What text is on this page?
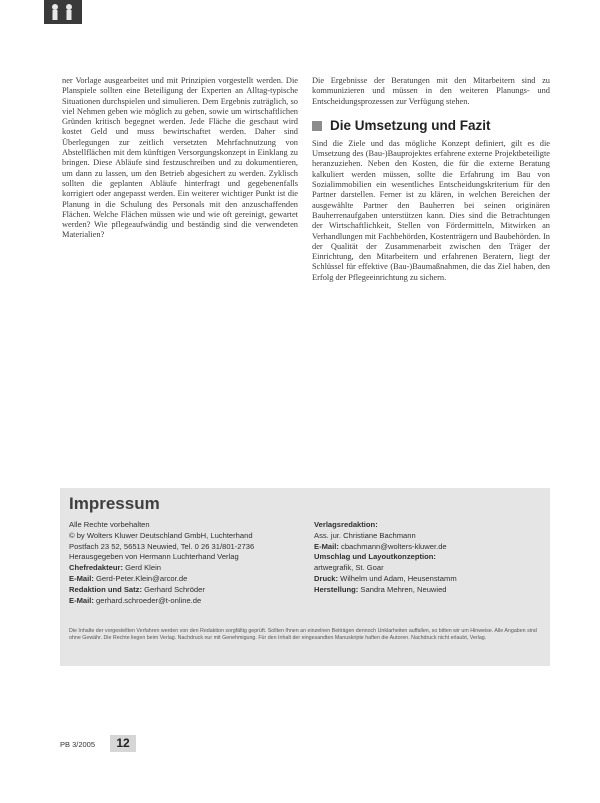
ner Vorlage ausgearbeitet und mit Prinzipien vorgestellt werden. Die Planspiele sollten eine Beteiligung der Experten an Alltag-typische Situationen durchspielen und simulieren. Dem Ergebnis zuträglich, so viel Nehmen geben wie möglich zu geben, sowie um wirtschaftlichen Gründen kritisch begegnet werden. Jede Fläche die geschaut wird kostet Geld und muss bewirtschaftet werden. Daher sind Überlegungen zur zeitlich versetzten Mehrfachnutzung von Abstellflächen mit dem künftigen Versorgungskonzept in Einklang zu bringen. Diese Abläufe sind festzuschreiben und zu dokumentieren, um dann zu lassen, um den Betrieb abgesichert zu werden. Zyklisch sollten die geplanten Abläufe hinterfragt und gegebenenfalls korrigiert oder angepasst werden. Ein weiterer wichtiger Punkt ist die Planung in die Schulung des Personals mit den anzuschaffenden Flächen. Welche Flächen müssen wie und wie oft gereinigt, gewartet werden? Wie pflegeaufwändig und beständig sind die verwendeten Materialien?

Die Ergebnisse der Beratungen mit den Mitarbeitern sind zu kommunizieren und müssen in den weiteren Planungs- und Entscheidungsprozessen zur Verfügung stehen.

Die Umsetzung und Fazit

Sind die Ziele und das mögliche Konzept definiert, gilt es die Umsetzung des (Bau-)Bauprojektes erfahrene externe Projektbeteiligte heranzuziehen. Neben den Kosten, die für die externe Beratung kalkuliert werden müssen, sollte die Erfahrung im Bau von Sozialimmobilien ein wesentliches Entscheidungskriterium für den Partner darstellen. Ferner ist zu klären, in welchen Bereichen der ausgewählte Partner den Bauherren bei seinen originären Bauherrenaufgaben unterstützen kann. Dies sind die Betrachtungen der Wirtschaftlichkeit, Stellen von Fördermitteln, Mitwirken an Verhandlungen mit Fachbehörden, Kostenträgern und Baubehörden. In der Qualität der Zusammenarbeit zwischen den Träger der Einrichtung, den Mitarbeitern und erfahrenen Beratern, liegt der Schlüssel für effektive (Bau-)Baumaßnahmen, die das Ziel haben, den Erfolg der Pflegeeinrichtung zu sichern.

Impressum
Alle Rechte vorbehalten
© by Wolters Kluwer Deutschland GmbH, Luchterhand
Postfach 23 52, 56513 Neuwied, Tel. 0 26 31/801-2736
Herausgegeben von Hermann Luchterhand Verlag
Chefredakteur: Gerd Klein
E-Mail: Gerd-Peter.Klein@arcor.de
Redaktion und Satz: Gerhard Schröder
E-Mail: gerhard.schroeder@t-online.de
Verlagsredaktion:
Ass. jur. Christiane Bachmann
E-Mail: cbachmann@wolters-kluwer.de
Umschlag und Layoutkonzeption:
artwegrafik, St. Goar
Druck: Wilhelm und Adam, Heusenstamm
Herstellung: Sandra Mehren, Neuwied
Die Inhalte der vorgestellten Verfahren werden von den Redaktion sorgfältig geprüft. Sollten Ihnen an einzelnen Beiträgen dennoch Unklarheiten auffallen, so bitten wir um Hinweise. Alle Angaben sind ohne Gewähr. Die Rechte liegen beim Verlag. Nachdruck nur mit Genehmigung. Für den Inhalt der eingesandten Manuskripte haften die Autoren. Nachdruck nicht erlaubt, Verlag.
PB 3/2005	12
